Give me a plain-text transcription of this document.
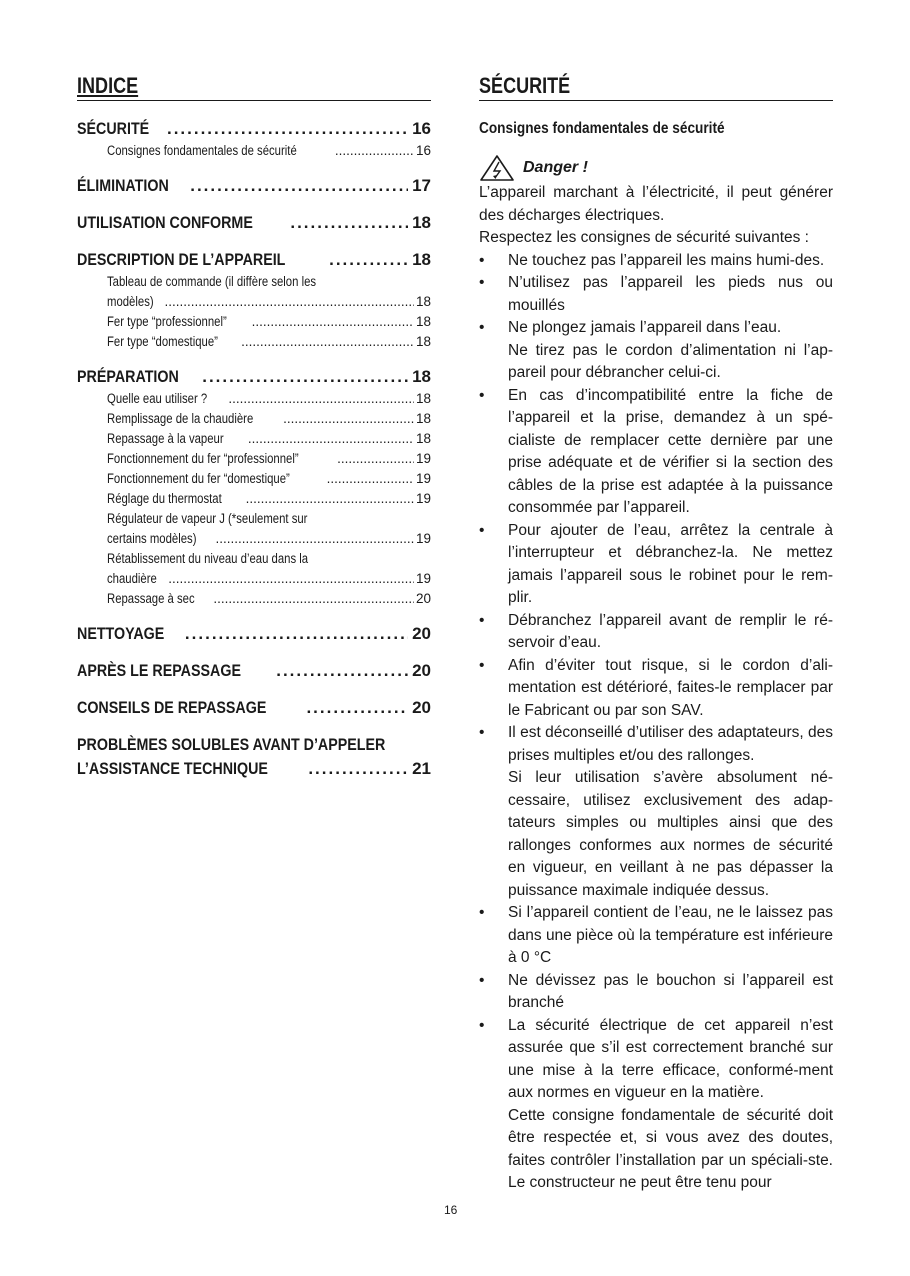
INDICE
SÉCURITÉ .....	16
Consignes fondamentales de sécurité .....	16
ÉLIMINATION .....	17
UTILISATION CONFORME .....	18
DESCRIPTION DE L’APPAREIL .....	18
Tableau de commande (il diffère selon les
modèles) .....	18
Fer type “professionnel” .....	18
Fer type “domestique” .....	18
PRÉPARATION .....	18
Quelle eau utiliser ? .....	18
Remplissage de la chaudière .....	18
Repassage à la vapeur .....	18
Fonctionnement du fer “professionnel” .....	19
Fonctionnement du fer “domestique” .....	19
Réglage du thermostat .....	19
Régulateur de vapeur J (*seulement sur
certains modèles) .....	19
Rétablissement du niveau d’eau dans la
chaudière .....	19
Repassage à sec .....	20
NETTOYAGE .....	20
APRÈS LE REPASSAGE .....	20
CONSEILS DE REPASSAGE .....	20
PROBLÈMES SOLUBLES AVANT D’APPELER
L’ASSISTANCE TECHNIQUE .....	21
SÉCURITÉ
Consignes fondamentales de sécurité
Danger !
L’appareil marchant à l’électricité, il peut générer des décharges électriques.
Respectez les consignes de sécurité suivantes :
• Ne touchez pas l’appareil les mains humi-des.
• N’utilisez pas l’appareil les pieds nus ou mouillés
• Ne plongez jamais l’appareil dans l’eau.
Ne tirez pas le cordon d’alimentation ni l’ap-pareil pour débrancher celui-ci.
• En cas d’incompatibilité entre la fiche de l’appareil et la prise, demandez à un spé-cialiste de remplacer cette dernière par une prise adéquate et de vérifier si la section des câbles de la prise est adaptée à la puissance consommée par l’appareil.
• Pour ajouter de l’eau, arrêtez la centrale à l’interrupteur et débranchez-la. Ne mettez jamais l’appareil sous le robinet pour le rem-plir.
• Débranchez l’appareil avant de remplir le ré-servoir d’eau.
• Afin d’éviter tout risque, si le cordon d’ali-mentation est détérioré, faites-le remplacer par le Fabricant ou par son SAV.
• Il est déconseillé d’utiliser des adaptateurs, des prises multiples et/ou des rallonges.
Si leur utilisation s’avère absolument né-cessaire, utilisez exclusivement des adap-tateurs simples ou multiples ainsi que des rallonges conformes aux normes de sécurité en vigueur, en veillant à ne pas dépasser la puissance maximale indiquée dessus.
• Si l’appareil contient de l’eau, ne le laissez pas dans une pièce où la température est inférieure à 0 °C
• Ne dévissez pas le bouchon si l’appareil est branché
• La sécurité électrique de cet appareil n’est assurée que s’il est correctement branché sur une mise à la terre efficace, conformé-ment aux normes en vigueur en la matière.
Cette consigne fondamentale de sécurité doit être respectée et, si vous avez des doutes, faites contrôler l’installation par un spéciali-ste. Le constructeur ne peut être tenu pour
16
